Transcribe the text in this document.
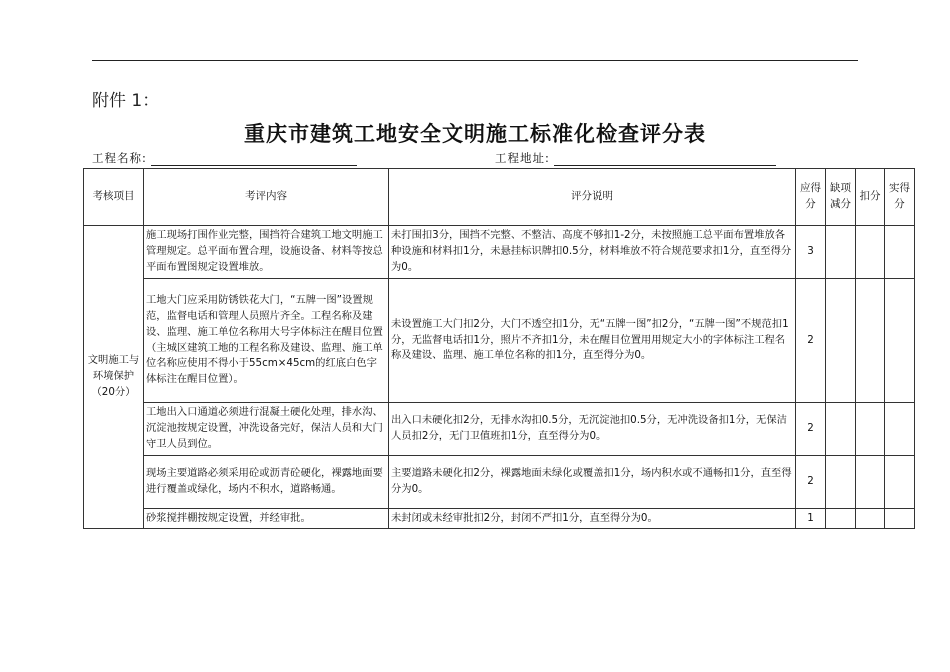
附件 1：
重庆市建筑工地安全文明施工标准化检查评分表
工程名称:	工程地址:
考核项目	考评内容	评分说明	应得分	缺项减分	扣分	实得分
文明施工与环境保护（20分）	施工现场打围作业完整，围挡符合建筑工地文明施工管理规定。总平面布置合理，设施设备、材料等按总平面布置图规定设置堆放。	未打围扣3分，围挡不完整、不整洁、高度不够扣1-2分，未按照施工总平面布置堆放各种设施和材料扣1分，未悬挂标识牌扣0.5分，材料堆放不符合规范要求扣1分，直至得分为0。	3			
	工地大门应采用防锈铁花大门，“五牌一图”设置规范，监督电话和管理人员照片齐全。工程名称及建设、监理、施工单位名称用大号字体标注在醒目位置（主城区建筑工地的工程名称及建设、监理、施工单位名称应使用不得小于55cm×45cm的红底白色字体标注在醒目位置）。	未设置施工大门扣2分，大门不透空扣1分，无“五牌一图”扣2分，“五牌一图”不规范扣1分，无监督电话扣1分，照片不齐扣1分，未在醒目位置用用规定大小的字体标注工程名称及建设、监理、施工单位名称的扣1分，直至得分为0。	2			
	工地出入口通道必须进行混凝土硬化处理，排水沟、沉淀池按规定设置，冲洗设备完好，保洁人员和大门守卫人员到位。	出入口未硬化扣2分，无排水沟扣0.5分，无沉淀池扣0.5分，无冲洗设备扣1分，无保洁人员扣2分，无门卫值班扣1分，直至得分为0。	2			
	现场主要道路必须采用砼或沥青砼硬化，裸露地面要进行覆盖或绿化，场内不积水，道路畅通。	主要道路未硬化扣2分，裸露地面未绿化或覆盖扣1分，场内积水或不通畅扣1分，直至得分为0。	2			
	砂浆搅拌棚按规定设置，并经审批。	未封闭或未经审批扣2分，封闭不严扣1分，直至得分为0。	1			
